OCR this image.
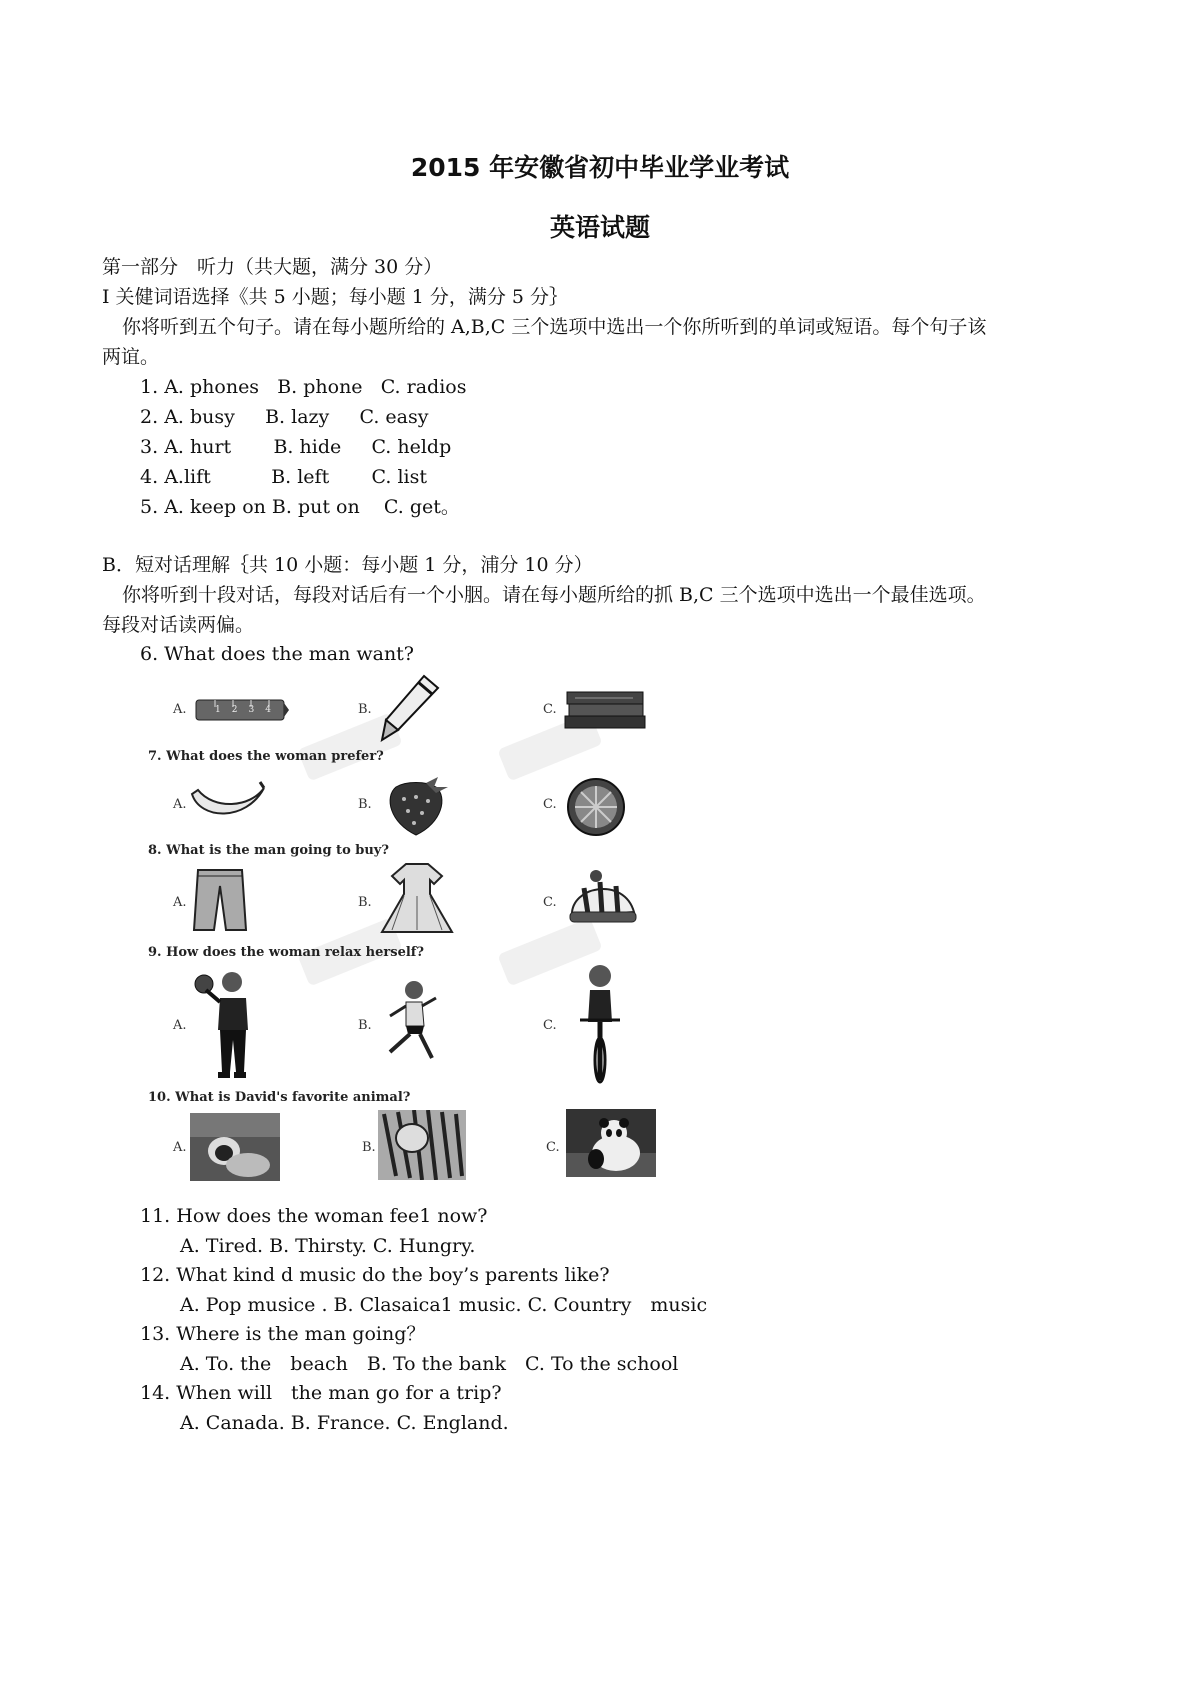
2015 年安徽省初中毕业学业考试
英语试题
第一部分　听力（共大题，满分 30 分）
I 关健词语选择《共 5 小题；每小题 1 分，满分 5 分｝
你将听到五个句子。请在每小题所给的 A,B,C 三个选项中选出一个你所听到的单词或短语。每个句子该
两谊。
1. A. phones B. phone C. radios
2. A. busy B. lazy C. easy
3. A. hurt B. hide C. heldp
4. A.lift	B. left C. list
5. A. keep on B. put on C. get。
B．短对话理解｛共 10 小题：每小题 1 分，浦分 10 分）
你将听到十段对话，每段对话后有一个小胭。请在每小题所给的抓 B,C 三个选项中选出一个最佳选项。
每段对话读两偏。
6. What does the man want?
A.	1234	B.	C.
7. What does the woman prefer?
A.	B.	C.
8. What is the man going to buy?
A.	B.	C.
9. How does the woman relax herself?
A.	B.	C.
10. What is David's favorite animal?
A.	B.	C.
11. How does the woman fee1 now?
A. Tired. B. Thirsty. C. Hungry.
12. What kind d music do the boy’s parents like?
A. Pop musice . B. Clasaica1 music. C. Country　music
13. Where is the man going？
A. To. the　beach　B. To the bank　C. To the school
14. When will　the man go for a trip?
A. Canada. B. France. C. England.
